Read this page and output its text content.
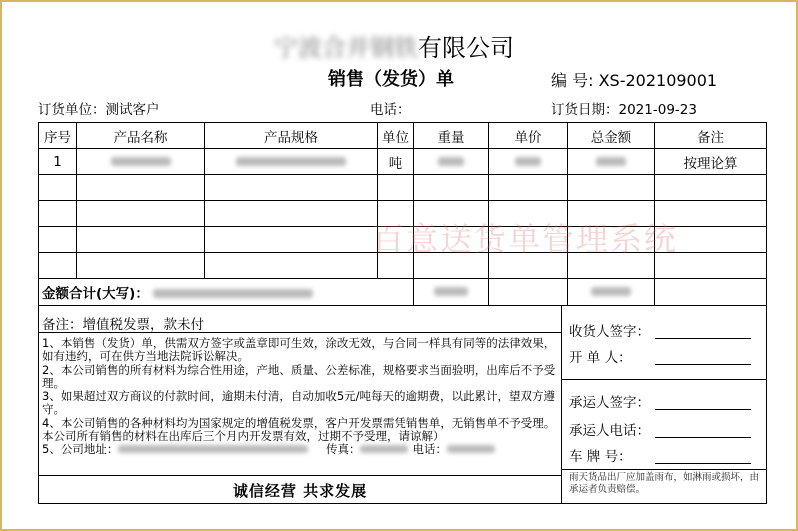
宁波合并钢铁有限公司
销售（发货）单	编 号: XS-202109001
订货单位：测试客户	电话：	订货日期：2021-09-23
序号	产品名称	产品规格	单位	重量	单价	总金额	备注
1			吨				按理论算

金额合计(大写)：							
百意送货单管理系统
备注：增值税发票，款未付
1、本销售（发货）单，供需双方签字或盖章即可生效，涂改无效，与合同一样具有同等的法律效果，如有违约，可在供方当地法院诉讼解决。
2、本公司销售的所有材料为综合性用途，产地、质量、公差标准，规格要求当面验明，出库后不予受理。
3、如果超过双方商议的付款时间，逾期未付清，自动加收5元/吨每天的逾期费，以此累计，望双方遵守。
4、本公司销售的各种材料均为国家规定的增值税发票，客户开发票需凭销售单，无销售单不予受理。本公司所有销售的材料在出库后三个月内开发票有效，过期不予受理，请谅解）
5、公司地址：	传真：	电话：
诚信经营 共求发展
收货人签字：
开 单 人：
承运人签字：
承运人电话：
车 牌 号：
雨天货品出厂应加盖雨布，如淋雨或损坏，由承运者负责赔偿。
